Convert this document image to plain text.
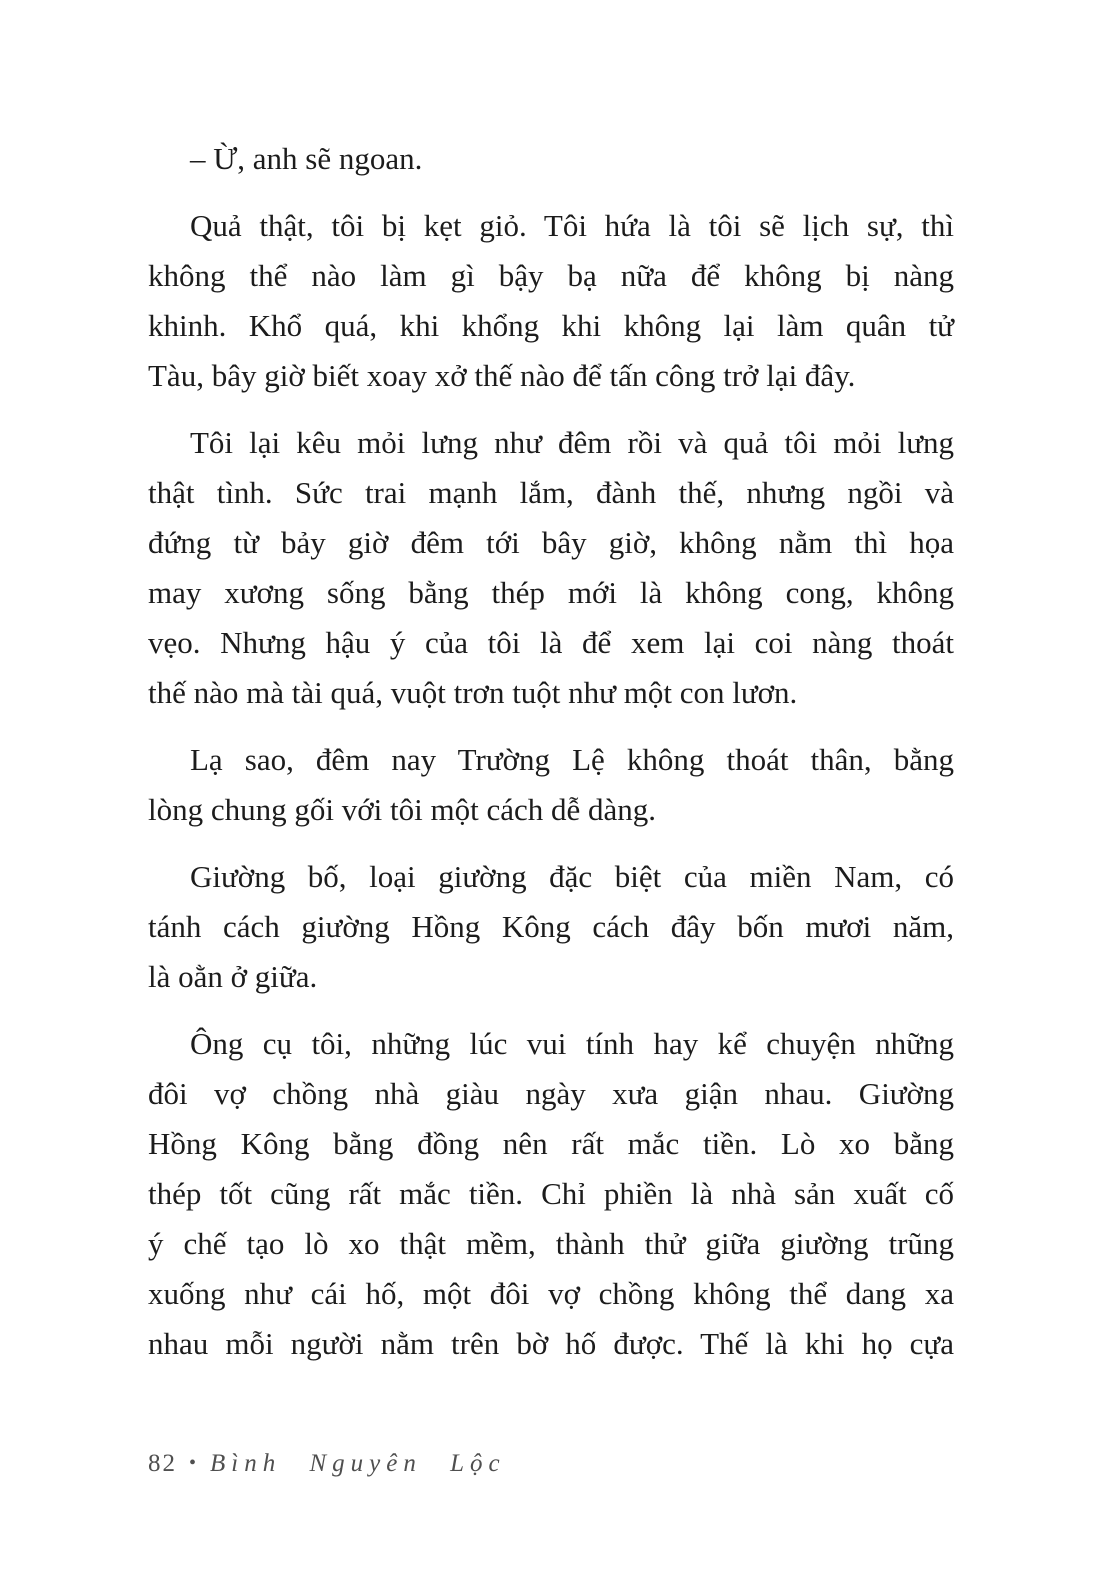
– Ừ, anh sẽ ngoan.
Quả thật, tôi bị kẹt giỏ. Tôi hứa là tôi sẽ lịch sự, thì
không thể nào làm gì bậy bạ nữa để không bị nàng
khinh. Khổ quá, khi khổng khi không lại làm quân tử
Tàu, bây giờ biết xoay xở thế nào để tấn công trở lại đây.
Tôi lại kêu mỏi lưng như đêm rồi và quả tôi mỏi lưng
thật tình. Sức trai mạnh lắm, đành thế, nhưng ngồi và
đứng từ bảy giờ đêm tới bây giờ, không nằm thì họa
may xương sống bằng thép mới là không cong, không
vẹo. Nhưng hậu ý của tôi là để xem lại coi nàng thoát
thế nào mà tài quá, vuột trơn tuột như một con lươn.
Lạ sao, đêm nay Trường Lệ không thoát thân, bằng
lòng chung gối với tôi một cách dễ dàng.
Giường bố, loại giường đặc biệt của miền Nam, có
tánh cách giường Hồng Kông cách đây bốn mươi năm,
là oằn ở giữa.
Ông cụ tôi, những lúc vui tính hay kể chuyện những
đôi vợ chồng nhà giàu ngày xưa giận nhau. Giường
Hồng Kông bằng đồng nên rất mắc tiền. Lò xo bằng
thép tốt cũng rất mắc tiền. Chỉ phiền là nhà sản xuất cố
ý chế tạo lò xo thật mềm, thành thử giữa giường trũng
xuống như cái hố, một đôi vợ chồng không thể dang xa
nhau mỗi người nằm trên bờ hố được. Thế là khi họ cựa
82 • Bình Nguyên Lộc
